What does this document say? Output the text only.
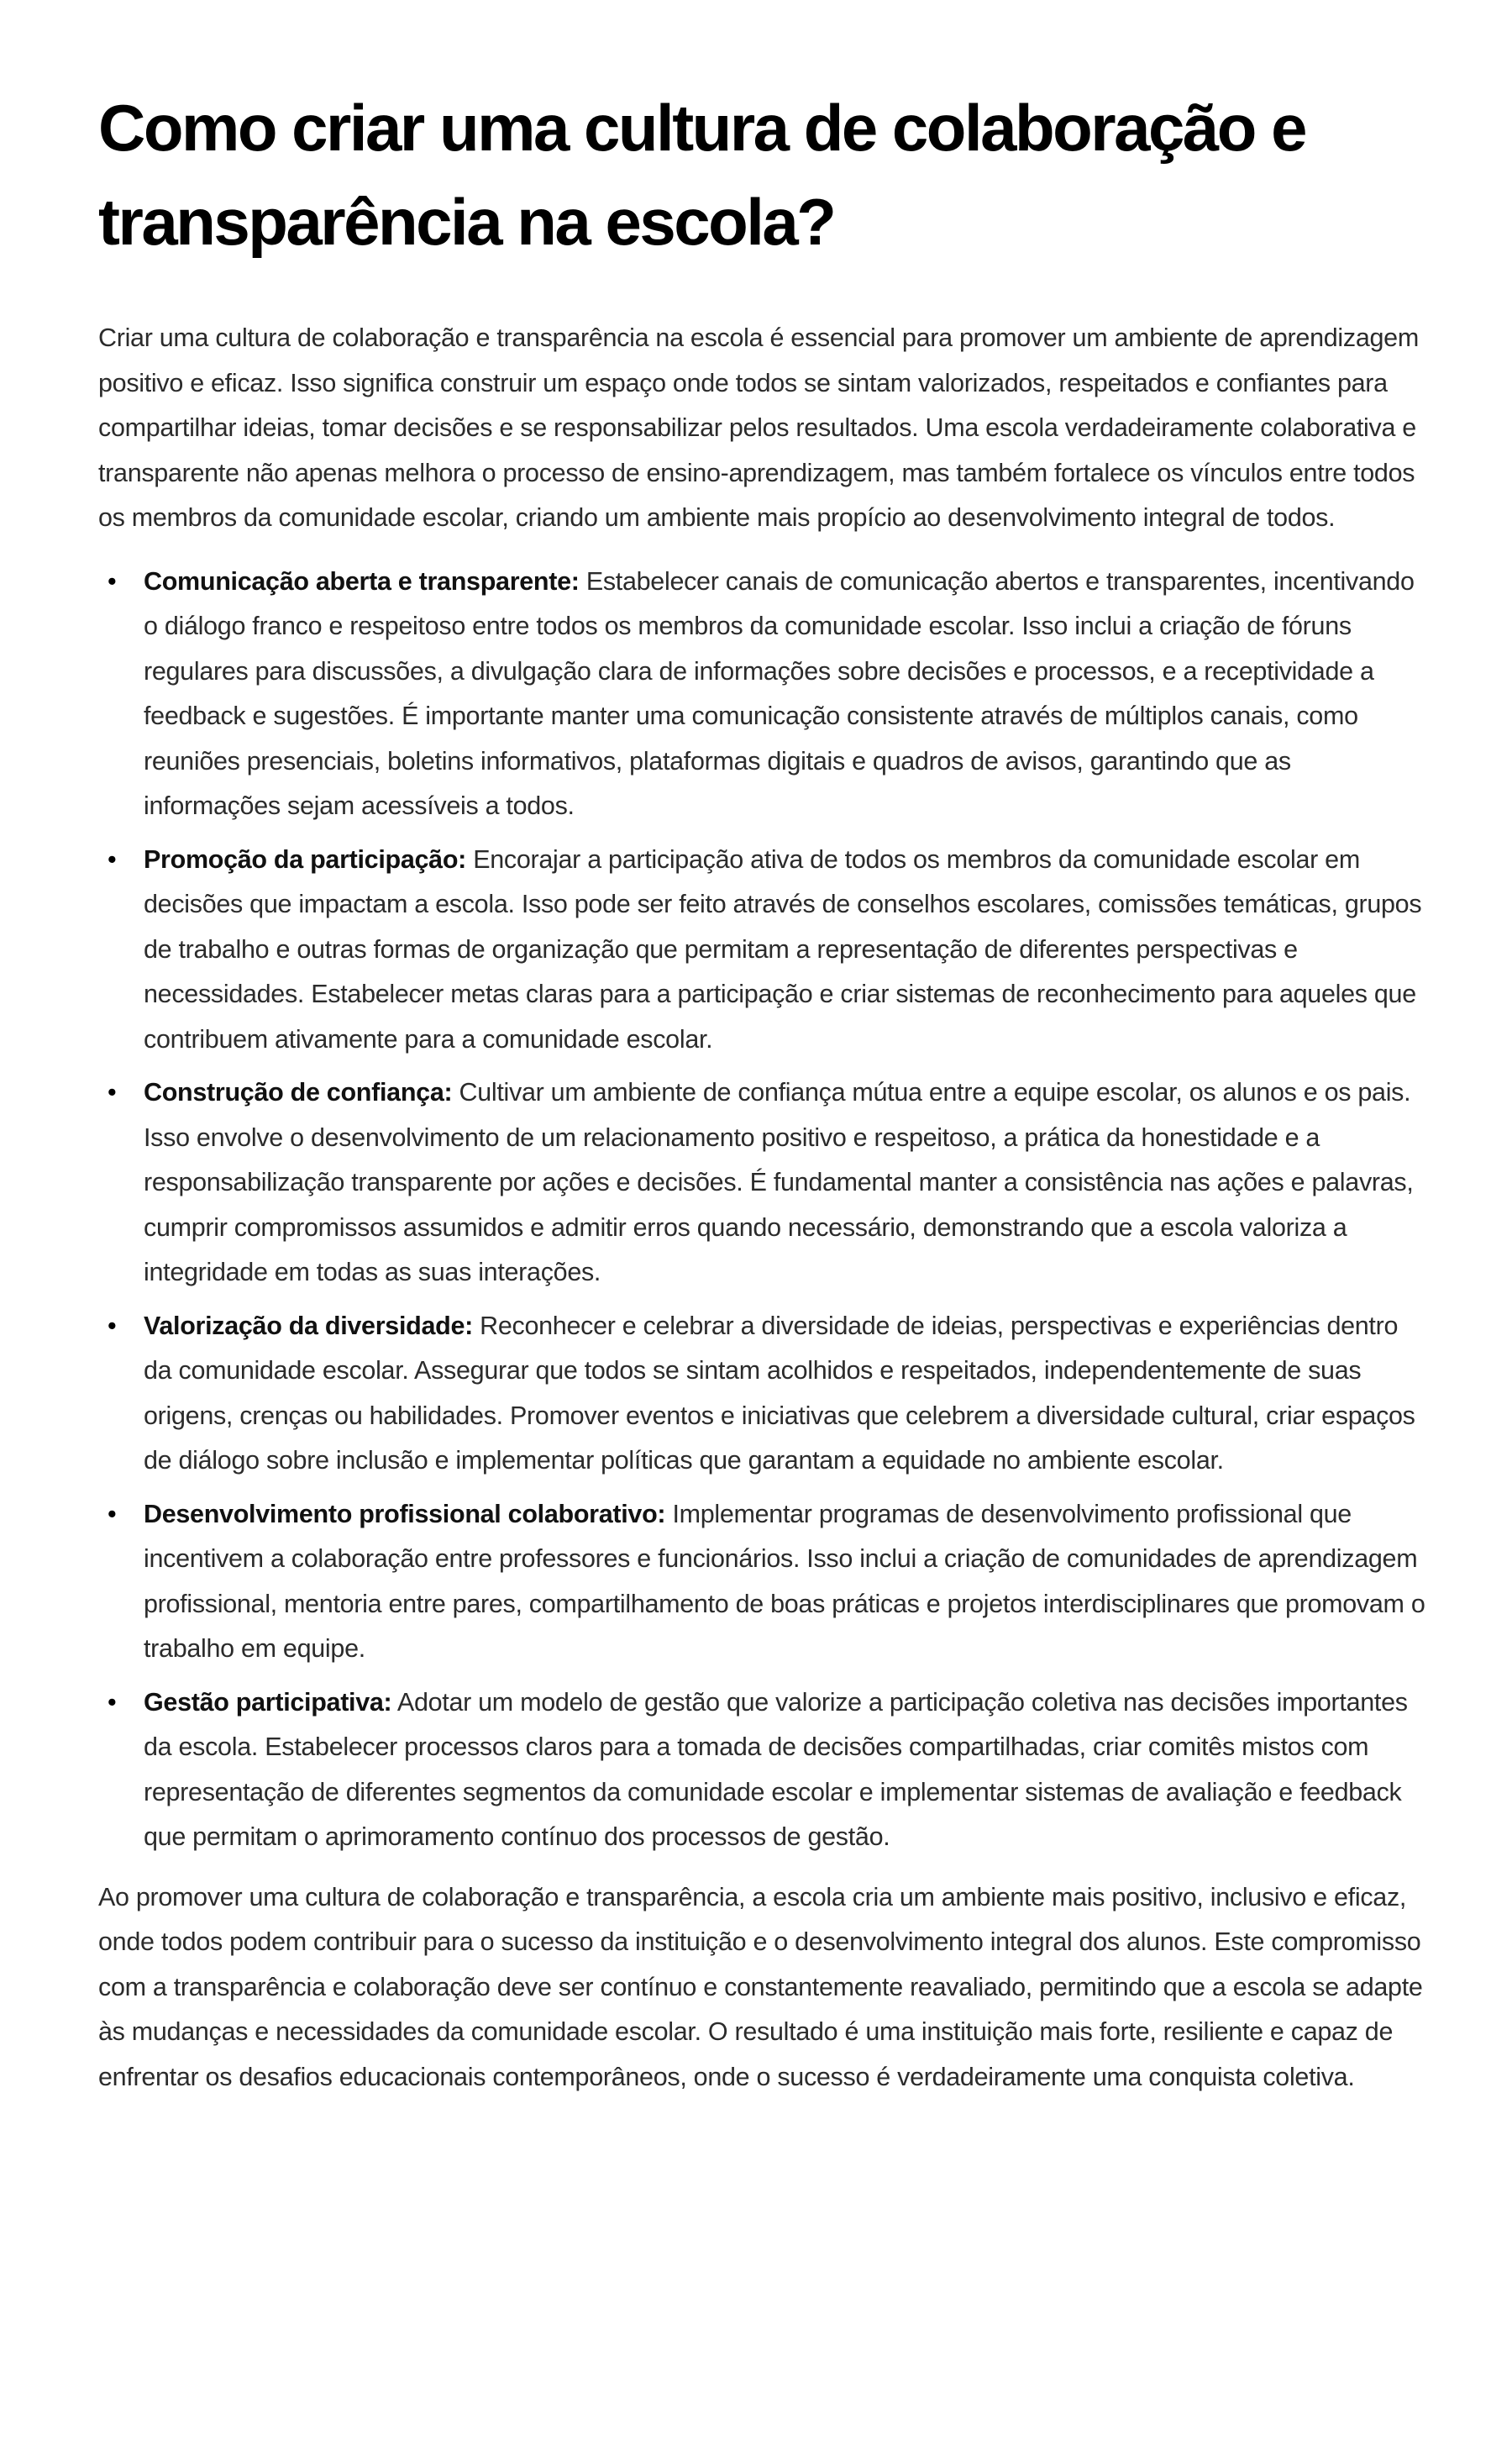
Como criar uma cultura de colaboração e transparência na escola?

Criar uma cultura de colaboração e transparência na escola é essencial para promover um ambiente de aprendizagem positivo e eficaz. Isso significa construir um espaço onde todos se sintam valorizados, respeitados e confiantes para compartilhar ideias, tomar decisões e se responsabilizar pelos resultados. Uma escola verdadeiramente colaborativa e transparente não apenas melhora o processo de ensino-aprendizagem, mas também fortalece os vínculos entre todos os membros da comunidade escolar, criando um ambiente mais propício ao desenvolvimento integral de todos.

• Comunicação aberta e transparente: Estabelecer canais de comunicação abertos e transparentes, incentivando o diálogo franco e respeitoso entre todos os membros da comunidade escolar. Isso inclui a criação de fóruns regulares para discussões, a divulgação clara de informações sobre decisões e processos, e a receptividade a feedback e sugestões. É importante manter uma comunicação consistente através de múltiplos canais, como reuniões presenciais, boletins informativos, plataformas digitais e quadros de avisos, garantindo que as informações sejam acessíveis a todos.
• Promoção da participação: Encorajar a participação ativa de todos os membros da comunidade escolar em decisões que impactam a escola. Isso pode ser feito através de conselhos escolares, comissões temáticas, grupos de trabalho e outras formas de organização que permitam a representação de diferentes perspectivas e necessidades. Estabelecer metas claras para a participação e criar sistemas de reconhecimento para aqueles que contribuem ativamente para a comunidade escolar.
• Construção de confiança: Cultivar um ambiente de confiança mútua entre a equipe escolar, os alunos e os pais. Isso envolve o desenvolvimento de um relacionamento positivo e respeitoso, a prática da honestidade e a responsabilização transparente por ações e decisões. É fundamental manter a consistência nas ações e palavras, cumprir compromissos assumidos e admitir erros quando necessário, demonstrando que a escola valoriza a integridade em todas as suas interações.
• Valorização da diversidade: Reconhecer e celebrar a diversidade de ideias, perspectivas e experiências dentro da comunidade escolar. Assegurar que todos se sintam acolhidos e respeitados, independentemente de suas origens, crenças ou habilidades. Promover eventos e iniciativas que celebrem a diversidade cultural, criar espaços de diálogo sobre inclusão e implementar políticas que garantam a equidade no ambiente escolar.
• Desenvolvimento profissional colaborativo: Implementar programas de desenvolvimento profissional que incentivem a colaboração entre professores e funcionários. Isso inclui a criação de comunidades de aprendizagem profissional, mentoria entre pares, compartilhamento de boas práticas e projetos interdisciplinares que promovam o trabalho em equipe.
• Gestão participativa: Adotar um modelo de gestão que valorize a participação coletiva nas decisões importantes da escola. Estabelecer processos claros para a tomada de decisões compartilhadas, criar comitês mistos com representação de diferentes segmentos da comunidade escolar e implementar sistemas de avaliação e feedback que permitam o aprimoramento contínuo dos processos de gestão.

Ao promover uma cultura de colaboração e transparência, a escola cria um ambiente mais positivo, inclusivo e eficaz, onde todos podem contribuir para o sucesso da instituição e o desenvolvimento integral dos alunos. Este compromisso com a transparência e colaboração deve ser contínuo e constantemente reavaliado, permitindo que a escola se adapte às mudanças e necessidades da comunidade escolar. O resultado é uma instituição mais forte, resiliente e capaz de enfrentar os desafios educacionais contemporâneos, onde o sucesso é verdadeiramente uma conquista coletiva.
